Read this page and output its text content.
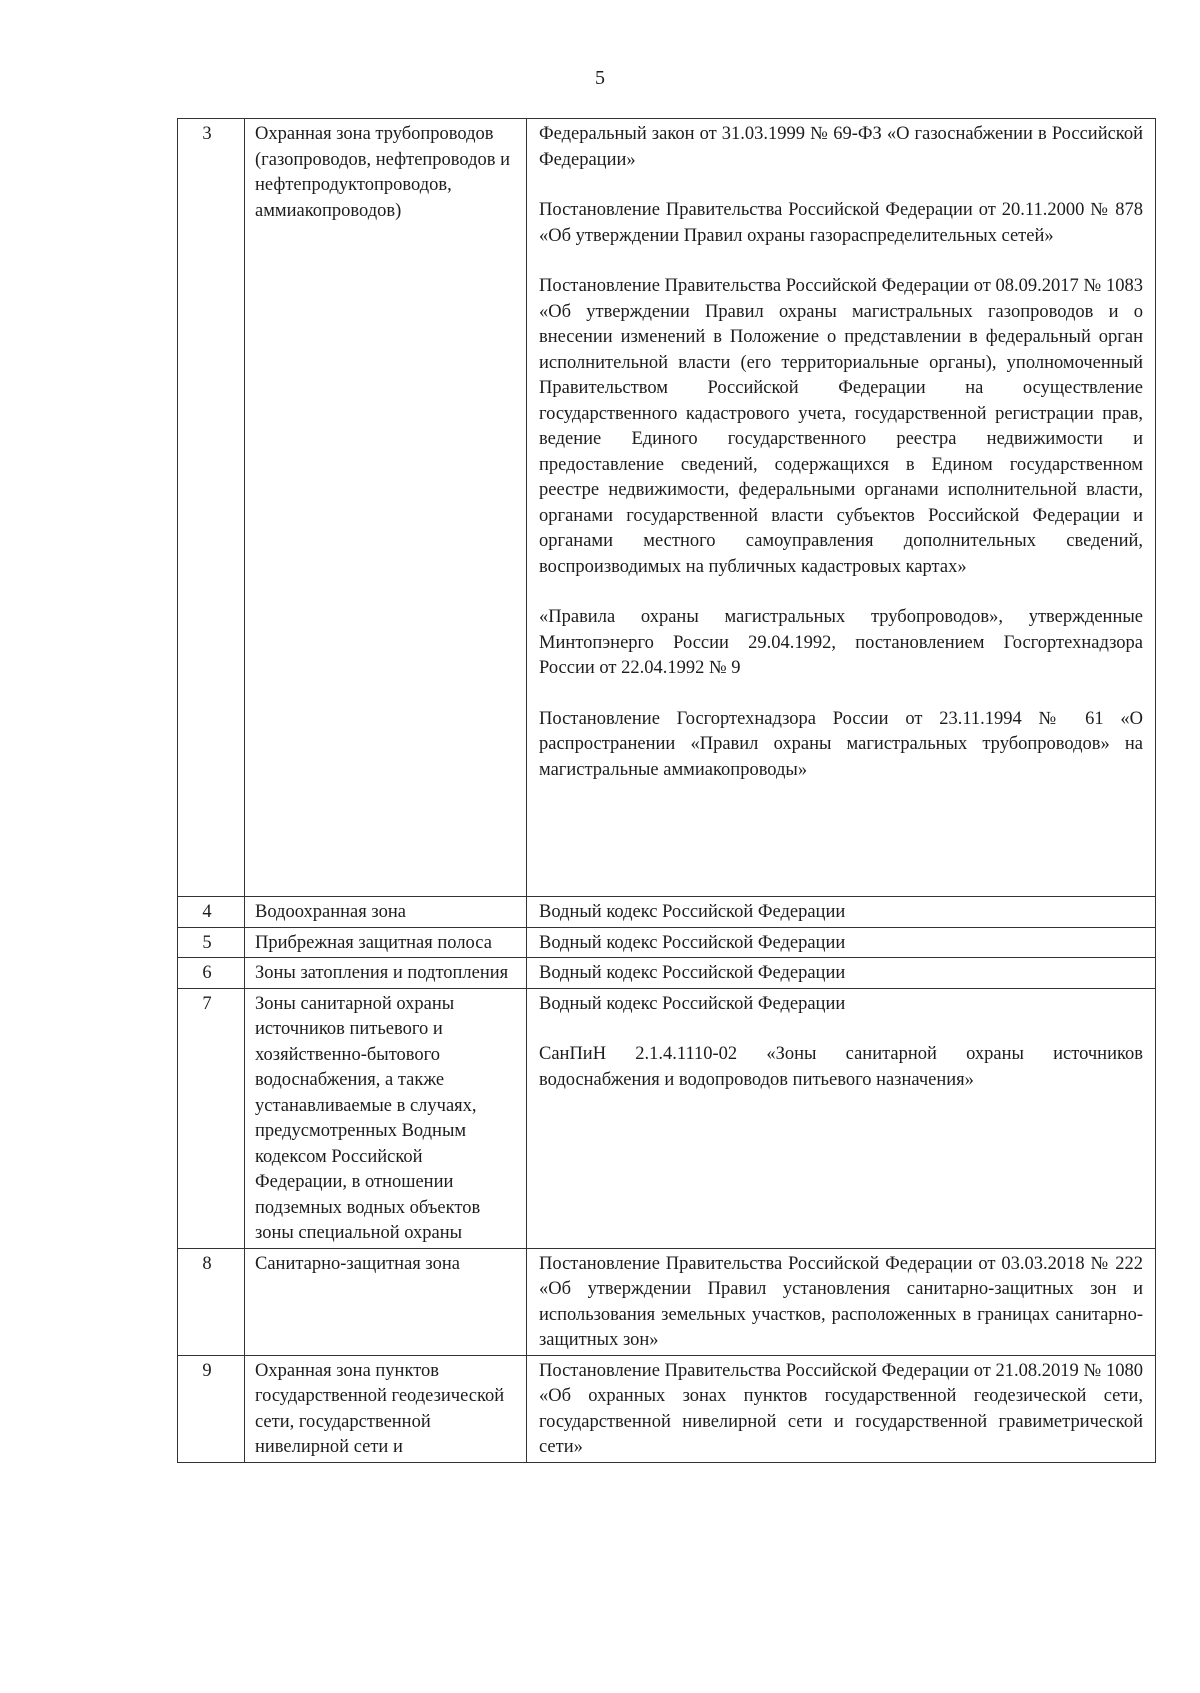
5
3	Охранная зона трубопроводов (газопроводов, нефтепроводов и нефтепродуктопроводов, аммиакопроводов)	Федеральный закон от 31.03.1999 № 69-ФЗ «О газоснабжении в Российской Федерации»

Постановление Правительства Российской Федерации от 20.11.2000 № 878 «Об утверждении Правил охраны газораспределительных сетей»

Постановление Правительства Российской Федерации от 08.09.2017 № 1083 «Об утверждении Правил охраны магистральных газопроводов и о внесении изменений в Положение о представлении в федеральный орган исполнительной власти (его территориальные органы), уполномоченный Правительством Российской Федерации на осуществление государственного кадастрового учета, государственной регистрации прав, ведение Единого государственного реестра недвижимости и предоставление сведений, содержащихся в Едином государственном реестре недвижимости, федеральными органами исполнительной власти, органами государственной власти субъектов Российской Федерации и органами местного самоуправления дополнительных сведений, воспроизводимых на публичных кадастровых картах»

«Правила охраны магистральных трубопроводов», утвержденные Минтопэнерго России 29.04.1992, постановлением Госгортехнадзора России от 22.04.1992 № 9

Постановление Госгортехнадзора России от 23.11.1994 № 61 «О распространении «Правил охраны магистральных трубопроводов» на магистральные аммиакопроводы»

4	Водоохранная зона	Водный кодекс Российской Федерации

5	Прибрежная защитная полоса	Водный кодекс Российской Федерации

6	Зоны затопления и подтопления	Водный кодекс Российской Федерации

7	Зоны санитарной охраны источников питьевого и хозяйственно-бытового водоснабжения, а также устанавливаемые в случаях, предусмотренных Водным кодексом Российской Федерации, в отношении подземных водных объектов зоны специальной охраны	Водный кодекс Российской Федерации

СанПиН 2.1.4.1110-02 «Зоны санитарной охраны источников водоснабжения и водопроводов питьевого назначения»

8	Санитарно-защитная зона	Постановление Правительства Российской Федерации от 03.03.2018 № 222 «Об утверждении Правил установления санитарно-защитных зон и использования земельных участков, расположенных в границах санитарно-защитных зон»

9	Охранная зона пунктов государственной геодезической сети, государственной нивелирной сети и	Постановление Правительства Российской Федерации от 21.08.2019 № 1080 «Об охранных зонах пунктов государственной геодезической сети, государственной нивелирной сети и государственной гравиметрической сети»
